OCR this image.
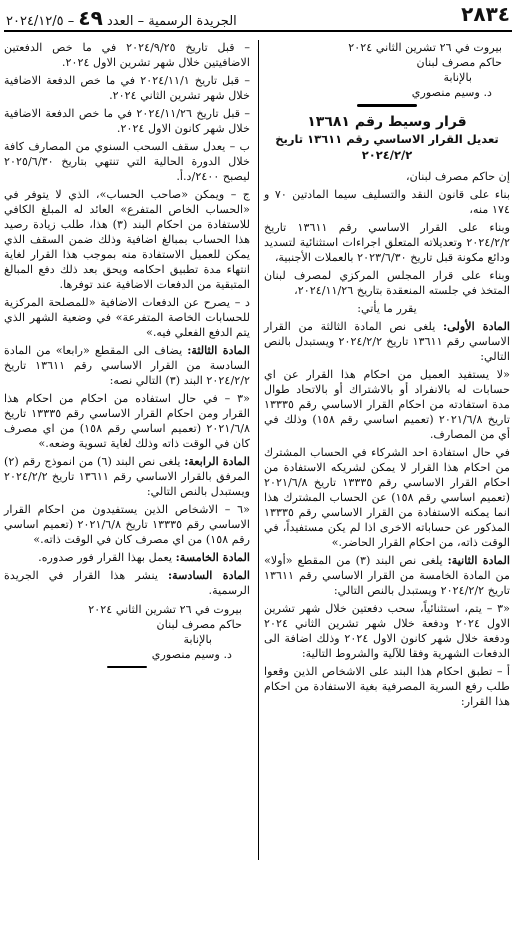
٢٨٣٤
الجريدة الرسمية – العدد ٤٩ – ٢٠٢٤/١٢/٥

بيروت في ٢٦ تشرين الثاني ٢٠٢٤

حاكم مصرف لبنان

بالإنابة

د. وسيم منصوري

قرار وسيط رقم ١٣٦٨١
تعديل القرار الاساسي رقم ١٣٦١١ تاريخ ٢٠٢٤/٢/٢

إن حاكم مصرف لبنان،

بناء على قانون النقد والتسليف سيما المادتين ٧٠ و ١٧٤ منه،

وبناء على القرار الاساسي رقم ١٣٦١١ تاريخ ٢٠٢٤/٢/٢ وتعديلاته المتعلق اجراءات استثنائية لتسديد ودائع مكونة قبل تاريخ ٢٠٢٣/٦/٣٠ بالعملات الأجنبية،

وبناء على قرار المجلس المركزي لمصرف لبنان المتخذ في جلسته المنعقدة بتاريخ ٢٠٢٤/١١/٢٦،

يقرر ما يأتي:

المادة الأولى: يلغى نص المادة الثالثة من القرار الاساسي رقم ١٣٦١١ تاريخ ٢٠٢٤/٢/٢ ويستبدل بالنص التالي:

«لا يستفيد العميل من احكام هذا القرار عن اي حسابات له بالانفراد أو بالاشتراك أو بالاتحاد طوال مدة استفادته من احكام القرار الاساسي رقم ١٣٣٣٥ تاريخ ٢٠٢١/٦/٨ (تعميم اساسي رقم ١٥٨) وذلك في أي من المصارف.

في حال استفادة احد الشركاء في الحساب المشترك من احكام هذا القرار لا يمكن لشريكه الاستفادة من احكام القرار الاساسي رقم ١٣٣٣٥ تاريخ ٢٠٢١/٦/٨ (تعميم اساسي رقم ١٥٨) عن الحساب المشترك هذا انما يمكنه الاستفادة من القرار الاساسي رقم ١٣٣٣٥ المذكور عن حساباته الاخرى اذا لم يكن مستفيداً، في الوقت ذاته، من احكام القرار الحاضر.»

المادة الثانية: يلغى نص البند (٣) من المقطع «أولا» من المادة الخامسة من القرار الاساسي رقم ١٣٦١١ تاريخ ٢٠٢٤/٢/٢ ويستبدل بالنص التالي:

«٣ – يتم، استثنائياً، سحب دفعتين خلال شهر تشرين الاول ٢٠٢٤ ودفعة خلال شهر تشرين الثاني ٢٠٢٤ ودفعة خلال شهر كانون الاول ٢٠٢٤ وذلك اضافة الى الدفعات الشهرية وفقا للآلية والشروط التالية:

أ – تطبق احكام هذا البند على الاشخاص الذين وقعوا طلب رفع السرية المصرفية بغية الاستفادة من احكام هذا القرار:

– قبل تاريخ ٢٠٢٤/٩/٢٥ في ما خص الدفعتين الاضافيتين خلال شهر تشرين الاول ٢٠٢٤.

– قبل تاريخ ٢٠٢٤/١١/١ في ما خص الدفعة الاضافية خلال شهر تشرين الثاني ٢٠٢٤.

– قبل تاريخ ٢٠٢٤/١١/٢٦ في ما خص الدفعة الاضافية خلال شهر كانون الاول ٢٠٢٤.

ب – يعدل سقف السحب السنوي من المصارف كافة خلال الدورة الحالية التي تنتهي بتاريخ ٢٠٢٥/٦/٣٠ ليصبح ٢٤٠٠/د.أ.

ج – ويمكن «صاحب الحساب»، الذي لا يتوفر في «الحساب الخاص المتفرع» العائد له المبلغ الكافي للاستفادة من احكام البند (٣) هذا، طلب زيادة رصيد هذا الحساب بمبالغ اضافية وذلك ضمن السقف الذي يمكن للعميل الاستفادة منه بموجب هذا القرار لغاية انتهاء مدة تطبيق احكامه ويحق بعد ذلك دفع المبالغ المتبقية من الدفعات الاضافية عند توفرها.

د – يصرح عن الدفعات الاضافية «للمصلحة المركزية للحسابات الخاصة المتفرعة» في وضعية الشهر الذي يتم الدفع الفعلي فيه.»

المادة الثالثة: يضاف الى المقطع «رابعا» من المادة السادسة من القرار الاساسي رقم ١٣٦١١ تاريخ ٢٠٢٤/٢/٢ البند (٣) التالي نصه:

«٣ – في حال استفاده من احكام من احكام هذا القرار ومن احكام القرار الاساسي رقم ١٣٣٣٥ تاريخ ٢٠٢١/٦/٨ (تعميم اساسي رقم ١٥٨) من اي مصرف كان في الوقت ذاته وذلك لغاية تسوية وضعه.»

المادة الرابعة: يلغى نص البند (٦) من انموذج رقم (٢) المرفق بالقرار الاساسي رقم ١٣٦١١ تاريخ ٢٠٢٤/٢/٢ ويستبدل بالنص التالي:

«٦ – الاشخاص الذين يستفيدون من احكام القرار الاساسي رقم ١٣٣٣٥ تاريخ ٢٠٢١/٦/٨ (تعميم اساسي رقم ١٥٨) من اي مصرف كان في الوقت ذاته.»

المادة الخامسة: يعمل بهذا القرار فور صدوره.

المادة السادسة: ينشر هذا القرار في الجريدة الرسمية.

بيروت في ٢٦ تشرين الثاني ٢٠٢٤

حاكم مصرف لبنان

بالإنابة

د. وسيم منصوري
